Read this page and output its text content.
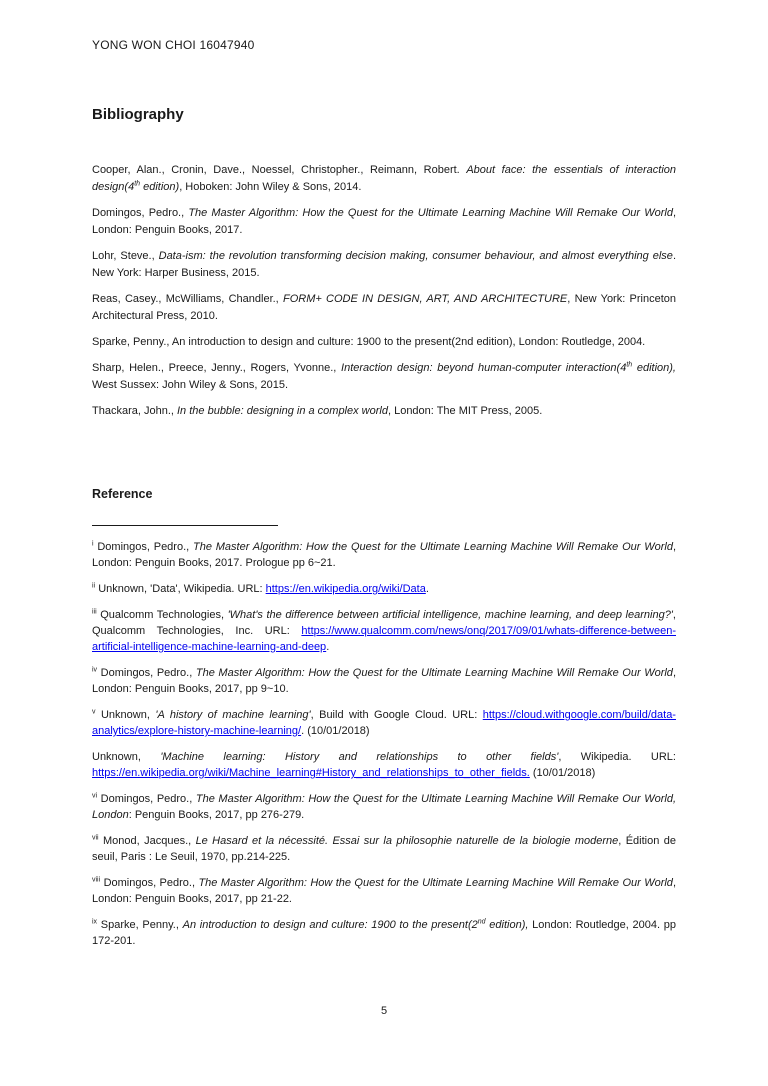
YONG WON CHOI 16047940
Bibliography

Cooper, Alan., Cronin, Dave., Noessel, Christopher., Reimann, Robert. About face: the essentials of interaction design(4th edition), Hoboken: John Wiley & Sons, 2014.

Domingos, Pedro., The Master Algorithm: How the Quest for the Ultimate Learning Machine Will Remake Our World, London: Penguin Books, 2017.

Lohr, Steve., Data-ism: the revolution transforming decision making, consumer behaviour, and almost everything else. New York: Harper Business, 2015.

Reas, Casey., McWilliams, Chandler., FORM+ CODE IN DESIGN, ART, AND ARCHITECTURE, New York: Princeton Architectural Press, 2010.

Sparke, Penny., An introduction to design and culture: 1900 to the present(2nd edition), London: Routledge, 2004.

Sharp, Helen., Preece, Jenny., Rogers, Yvonne., Interaction design: beyond human-computer interaction(4th edition), West Sussex: John Wiley & Sons, 2015.

Thackara, John., In the bubble: designing in a complex world, London: The MIT Press, 2005.

Reference

$^i$ Domingos, Pedro., The Master Algorithm: How the Quest for the Ultimate Learning Machine Will Remake Our World, London: Penguin Books, 2017. Prologue pp 6~21.

$^{ii}$ Unknown, 'Data', Wikipedia. URL: https://en.wikipedia.org/wiki/Data.

$^{iii}$ Qualcomm Technologies, 'What's the difference between artificial intelligence, machine learning, and deep learning?', Qualcomm Technologies, Inc. URL: https://www.qualcomm.com/news/onq/2017/09/01/whats-difference-between-artificial-intelligence-machine-learning-and-deep.

$^{iv}$ Domingos, Pedro., The Master Algorithm: How the Quest for the Ultimate Learning Machine Will Remake Our World, London: Penguin Books, 2017, pp 9~10.

$^v$ Unknown, 'A history of machine learning', Build with Google Cloud. URL: https://cloud.withgoogle.com/build/data-analytics/explore-history-machine-learning/. (10/01/2018)

Unknown, 'Machine learning: History and relationships to other fields', Wikipedia. URL: https://en.wikipedia.org/wiki/Machine_learning#History_and_relationships_to_other_fields. (10/01/2018)

$^{vi}$ Domingos, Pedro., The Master Algorithm: How the Quest for the Ultimate Learning Machine Will Remake Our World, London: Penguin Books, 2017, pp 276-279.

$^{vii}$ Monod, Jacques., Le Hasard et la nécessité. Essai sur la philosophie naturelle de la biologie moderne, Édition de seuil, Paris : Le Seuil, 1970, pp.214-225.

$^{viii}$ Domingos, Pedro., The Master Algorithm: How the Quest for the Ultimate Learning Machine Will Remake Our World, London: Penguin Books, 2017, pp 21-22.

$^{ix}$ Sparke, Penny., An introduction to design and culture: 1900 to the present(2nd edition), London: Routledge, 2004. pp 172-201.

5
